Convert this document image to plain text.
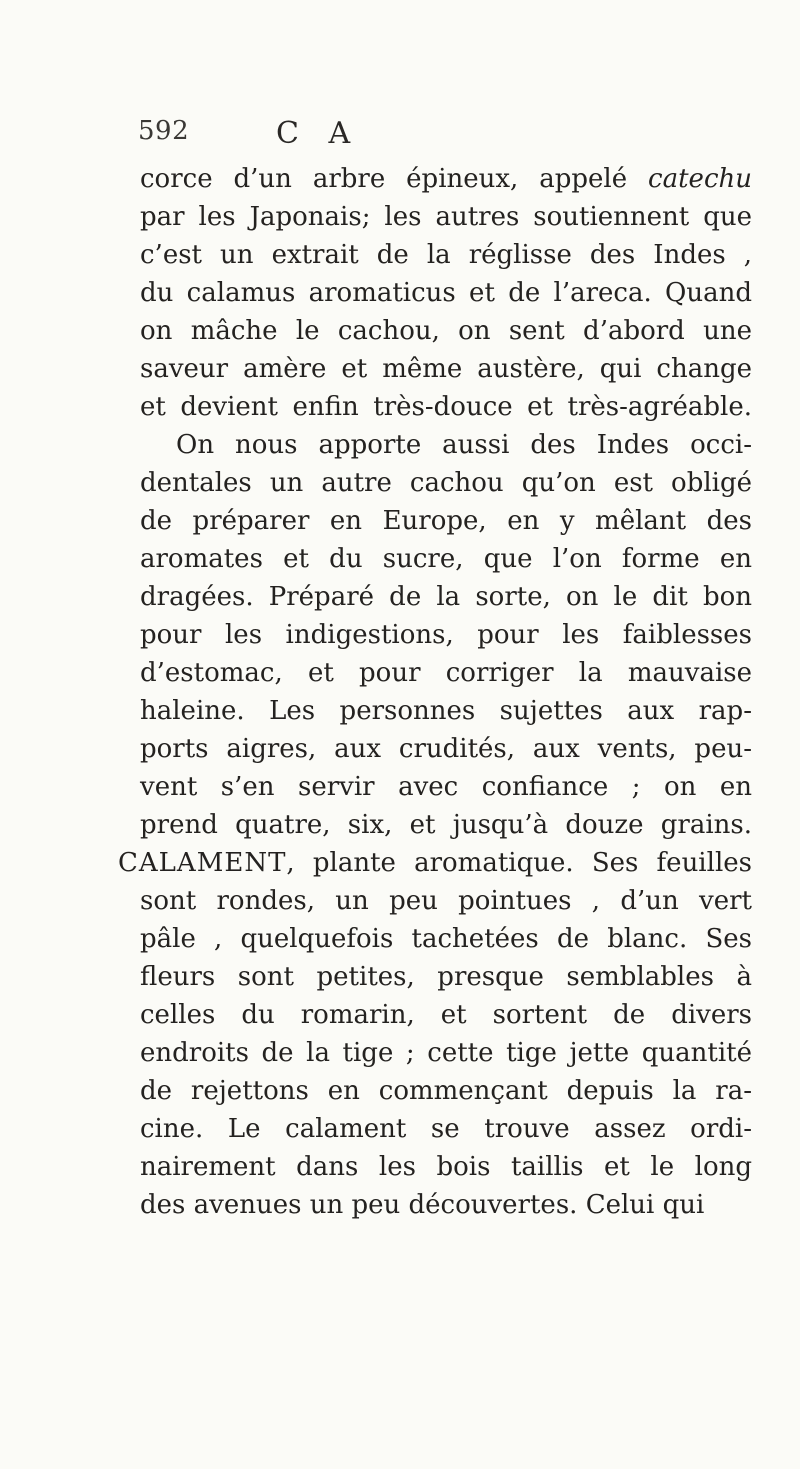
592	C A
corce d’un arbre épineux, appelé catechu
par les Japonais; les autres soutiennent que
c’est un extrait de la réglisse des Indes ,
du calamus aromaticus et de l’areca. Quand
on mâche le cachou, on sent d’abord une
saveur amère et même austère, qui change
et devient enfin très-douce et très-agréable.
On nous apporte aussi des Indes occi-
dentales un autre cachou qu’on est obligé
de préparer en Europe, en y mêlant des
aromates et du sucre, que l’on forme en
dragées. Préparé de la sorte, on le dit bon
pour les indigestions, pour les faiblesses
d’estomac, et pour corriger la mauvaise
haleine. Les personnes sujettes aux rap-
ports aigres, aux crudités, aux vents, peu-
vent s’en servir avec confiance ; on en
prend quatre, six, et jusqu’à douze grains.
CALAMENT, plante aromatique. Ses feuilles
sont rondes, un peu pointues , d’un vert
pâle , quelquefois tachetées de blanc. Ses
fleurs sont petites, presque semblables à
celles du romarin, et sortent de divers
endroits de la tige ; cette tige jette quantité
de rejettons en commençant depuis la ra-
cine. Le calament se trouve assez ordi-
nairement dans les bois taillis et le long
des avenues un peu découvertes. Celui qui
